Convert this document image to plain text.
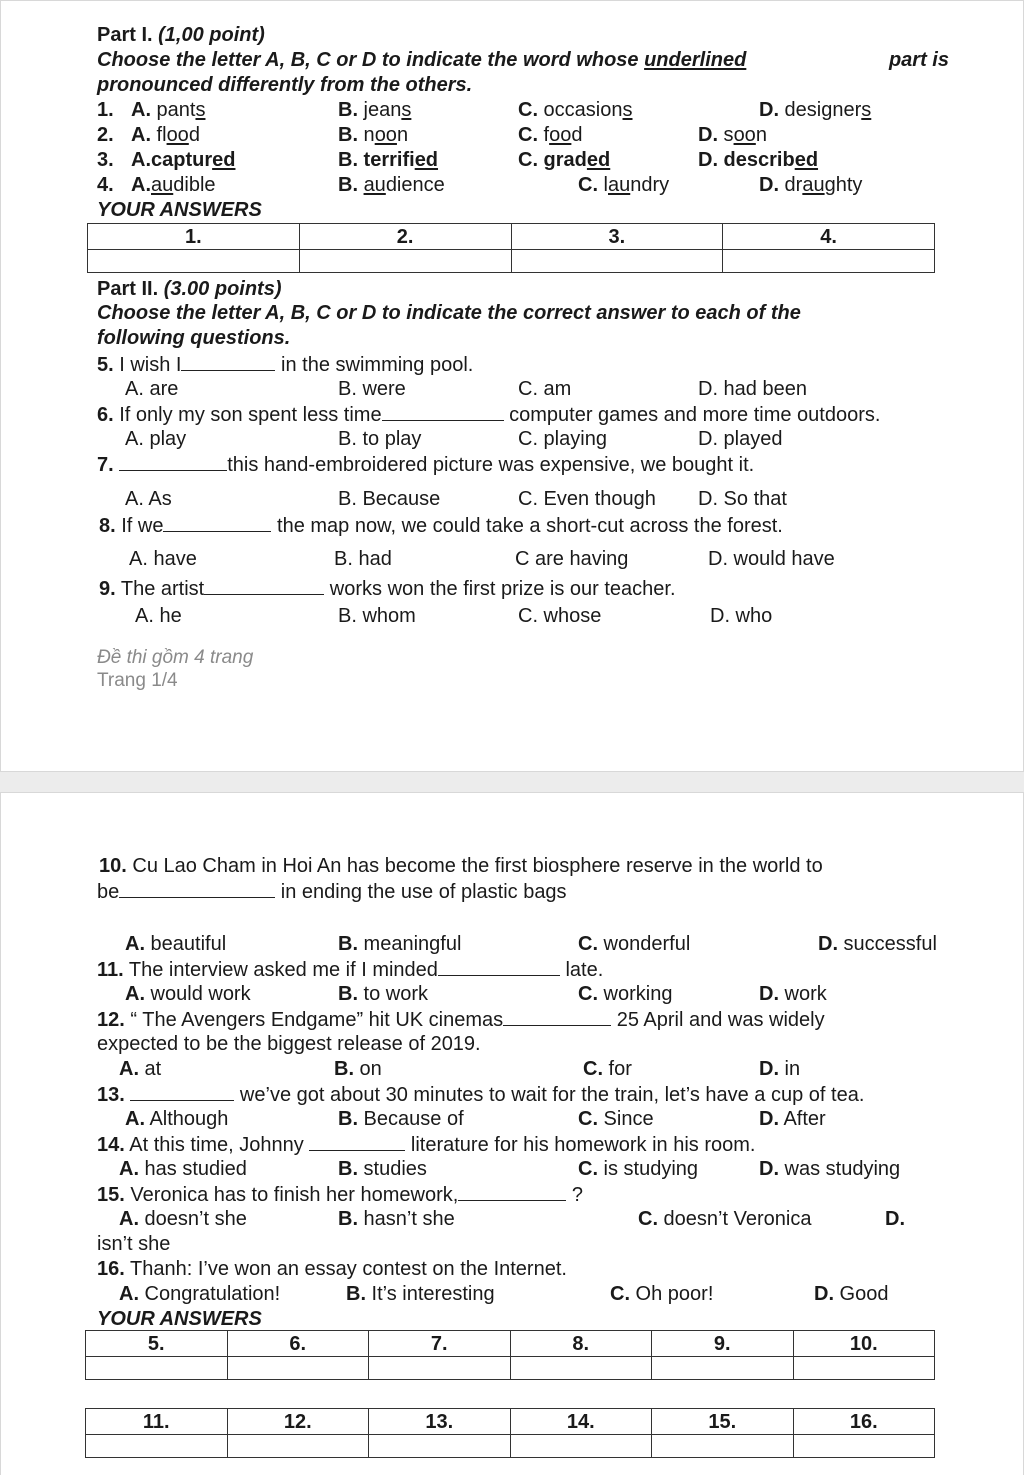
Part I. (1,00 point)
Choose the letter A, B, C or D to indicate the word whose underlined	part is
pronounced differently from the others.
1. A. pants	B. jeans	C. occasions	D. designers
2. A. flood	B. noon	C. food	D. soon
3. A.captured	B. terrified	C. graded	D. described
4. A.audible	B. audience	C. laundry	D. draughty
YOUR ANSWERS
1.	2.	3.	4.

Part II. (3.00 points)
Choose the letter A, B, C or D to indicate the correct answer to each of the
following questions.
5. I wish I	in the swimming pool.
A. are	B. were	C. am	D. had been
6. If only my son spent less time	computer games and more time outdoors.
A. play	B. to play	C. playing	D. played
7.	this hand-embroidered picture was expensive, we bought it.
A. As	B. Because	C. Even though D. So that
8. If we	the map now, we could take a short-cut across the forest.
A. have	B. had	C are having	D. would have
9. The artist	works won the first prize is our teacher.
A. he	B. whom	C. whose	D. who
Đề thi gồm 4 trang
Trang 1/4
10. Cu Lao Cham in Hoi An has become the first biosphere reserve in the world to
be	in ending the use of plastic bags
A. beautiful	B. meaningful	C. wonderful	D. successful
11. The interview asked me if I minded	late.
A. would work	B. to work	C. working	D. work
12. “ The Avengers Endgame” hit UK cinemas	25 April and was widely
expected to be the biggest release of 2019.
A. at	B. on	C. for	D. in
13.	we’ve got about 30 minutes to wait for the train, let’s have a cup of tea.
A. Although	B. Because of	C. Since	D. After
14. At this time, Johnny	literature for his homework in his room.
A. has studied	B. studies	C. is studying	D. was studying
15. Veronica has to finish her homework,	?
A. doesn’t she	B. hasn’t she	C. doesn’t Veronica	D.
isn’t she
16. Thanh: I’ve won an essay contest on the Internet.
A. Congratulation!	B. It’s interesting	C. Oh poor!	D. Good
YOUR ANSWERS
5.	6.	7.	8.	9.	10.

11.	12.	13.	14.	15.	16.
